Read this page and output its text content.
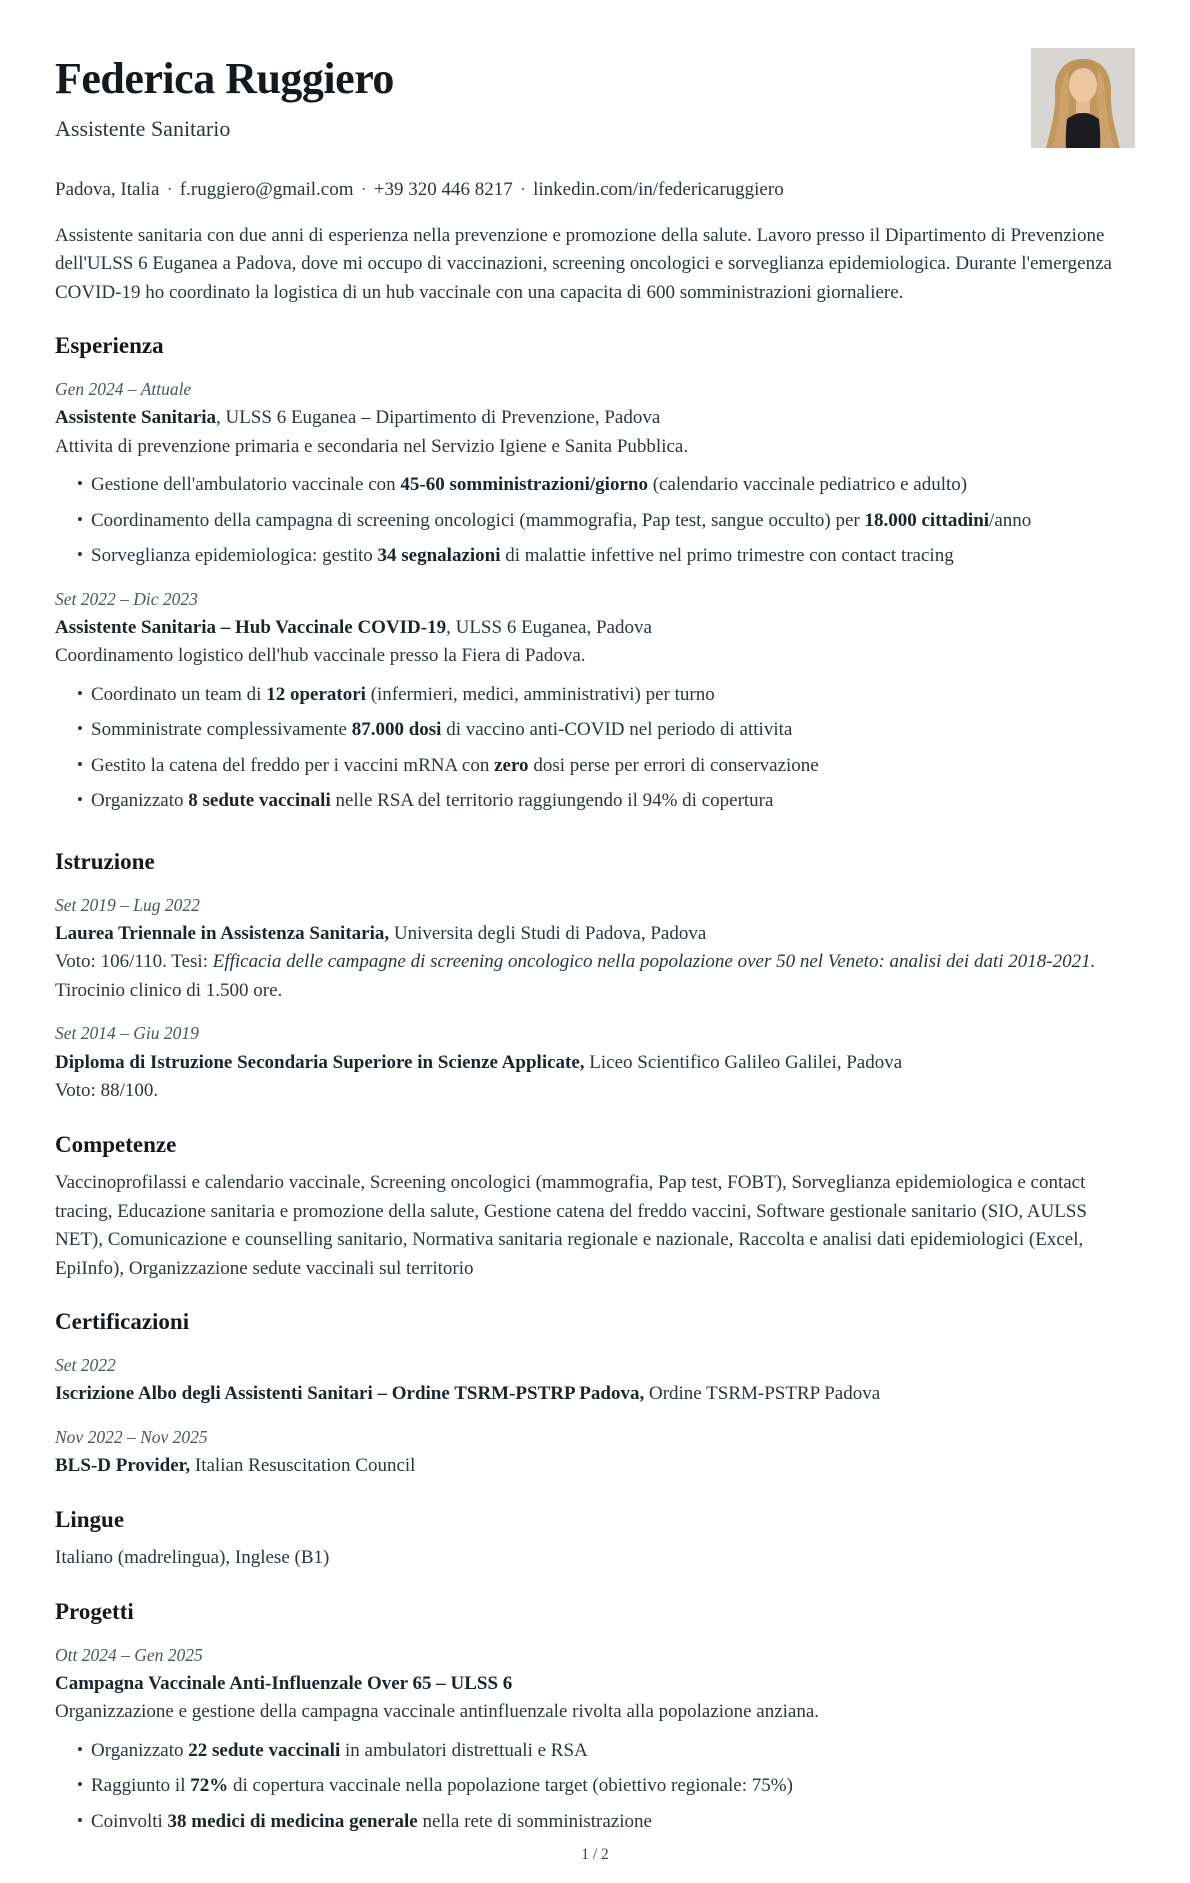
Federica Ruggiero
Assistente Sanitario
Padova, Italia · f.ruggiero@gmail.com · +39 320 446 8217 · linkedin.com/in/federicaruggiero

Assistente sanitaria con due anni di esperienza nella prevenzione e promozione della salute. Lavoro presso il Dipartimento di Prevenzione dell'ULSS 6 Euganea a Padova, dove mi occupo di vaccinazioni, screening oncologici e sorveglianza epidemiologica. Durante l'emergenza COVID-19 ho coordinato la logistica di un hub vaccinale con una capacita di 600 somministrazioni giornaliere.

Esperienza
Gen 2024 – Attuale
Assistente Sanitaria, ULSS 6 Euganea – Dipartimento di Prevenzione, Padova
Attivita di prevenzione primaria e secondaria nel Servizio Igiene e Sanita Pubblica.
• Gestione dell'ambulatorio vaccinale con 45-60 somministrazioni/giorno (calendario vaccinale pediatrico e adulto)
• Coordinamento della campagna di screening oncologici (mammografia, Pap test, sangue occulto) per 18.000 cittadini/anno
• Sorveglianza epidemiologica: gestito 34 segnalazioni di malattie infettive nel primo trimestre con contact tracing
Set 2022 – Dic 2023
Assistente Sanitaria – Hub Vaccinale COVID-19, ULSS 6 Euganea, Padova
Coordinamento logistico dell'hub vaccinale presso la Fiera di Padova.
• Coordinato un team di 12 operatori (infermieri, medici, amministrativi) per turno
• Somministrate complessivamente 87.000 dosi di vaccino anti-COVID nel periodo di attivita
• Gestito la catena del freddo per i vaccini mRNA con zero dosi perse per errori di conservazione
• Organizzato 8 sedute vaccinali nelle RSA del territorio raggiungendo il 94% di copertura
Istruzione
Set 2019 – Lug 2022
Laurea Triennale in Assistenza Sanitaria, Universita degli Studi di Padova, Padova
Voto: 106/110. Tesi: Efficacia delle campagne di screening oncologico nella popolazione over 50 nel Veneto: analisi dei dati 2018-2021. Tirocinio clinico di 1.500 ore.
Set 2014 – Giu 2019
Diploma di Istruzione Secondaria Superiore in Scienze Applicate, Liceo Scientifico Galileo Galilei, Padova
Voto: 88/100.
Competenze
Vaccinoprofilassi e calendario vaccinale, Screening oncologici (mammografia, Pap test, FOBT), Sorveglianza epidemiologica e contact tracing, Educazione sanitaria e promozione della salute, Gestione catena del freddo vaccini, Software gestionale sanitario (SIO, AULSS NET), Comunicazione e counselling sanitario, Normativa sanitaria regionale e nazionale, Raccolta e analisi dati epidemiologici (Excel, EpiInfo), Organizzazione sedute vaccinali sul territorio
Certificazioni
Set 2022
Iscrizione Albo degli Assistenti Sanitari – Ordine TSRM-PSTRP Padova, Ordine TSRM-PSTRP Padova
Nov 2022 – Nov 2025
BLS-D Provider, Italian Resuscitation Council
Lingue
Italiano (madrelingua), Inglese (B1)
Progetti
Ott 2024 – Gen 2025
Campagna Vaccinale Anti-Influenzale Over 65 – ULSS 6
Organizzazione e gestione della campagna vaccinale antinfluenzale rivolta alla popolazione anziana.
• Organizzato 22 sedute vaccinali in ambulatori distrettuali e RSA
• Raggiunto il 72% di copertura vaccinale nella popolazione target (obiettivo regionale: 75%)
• Coinvolti 38 medici di medicina generale nella rete di somministrazione
1 / 2
